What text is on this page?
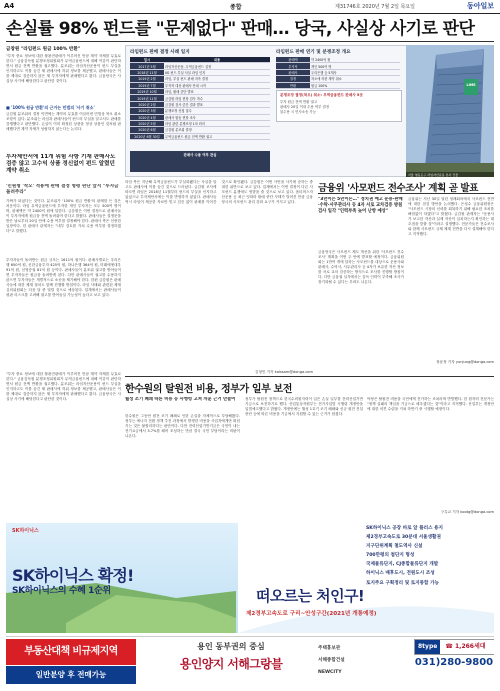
A4	종합	제31746호 2020년 7월 2일 목요일	동아일보
손실률 98% 펀드를 "문제없다" 판매… 당국, 사실상 사기로 판단
금창원 "라임펀드 원금 100% 반환"
"투자 중요 정보에 대한 불완전판매가 이루어진 만큼 계약 자체를 무효로 한다." 금융감독원 분쟁조정위원회가 무역금융펀드에 대해 이같이 판단하면서 원금 전액 반환을 권고했다. 분조위는 라임자산운용이 펀드 부실을 인지하고도 이를 숨긴 채 판매사에 허위 정보를 제공했고, 판매사들은 이를 제대로 검증하지 않은 채 투자자에게 판매했다고 봤다. 금융당국은 사실상 사기에 해당한다고 판단한 것이다.
■ '100% 원금 반환'의 근거는 민법의 '사기 취소'
금감원 분조위의 결정 이면에는 계약의 무효를 이끌어낸 민법상 착오 취소 조항이 있다. 분조위는 라임과 판매사들이 펀드의 부실을 알고서도 판매를 강행했다고 판단했다. 손실이 이미 확정된 상품을 정상 상품인 것처럼 판매했다면 계약 자체가 성립하지 않는다는 논리다.
투자제안서에 11개 위험 사항 기재 판매사도 검증 않고 고수익 상품 정신없이 펀드 알렸던 계약 취소
'민원형 '착오' 적용에 판매 결정 형평 판단 앞서 "투자금 돌려주라"
가짜가 되었다는 것이다. 분조위가 '100% 원금 반환'의 판례를 든 것은 처음이다. 라임 무역금융펀드에 투자한 개인 투자자는 모두 500여 명이며, 판매액은 약 2400억 원에 달한다. 금감원은 이번 결정으로 판매사들이 투자자에게 원금을 전액 돌려줘야 한다고 밝혔다. 판매사들은 결정문을 받은 날로부터 20일 안에 수용 여부를 결정해야 한다. 판매사 측은 신중한 입장이다. 한 판매사 관계자는 "내부 검토를 거쳐 수용 여부를 결정하겠다"고 말했다.
라임펀드 판매 결정 사례 일지
일시	내용
2017년 5월	라임자산운용, 무역금융펀드 설정
2018년 11월	IIG 펀드 부실 사실 라임 인지
2019년 2월	라임, 부실 펀드 판매 지속 결정
2019년 7월	투자자 대상 판매사 안내 시작
2019년 10월	라임, 환매 중단 발표
2019년 11월	금감원 라임 현장 검사 착수
2020년 2월	금감원 검사 중간 결과 발표
2020년 3월	분쟁조정 신청 접수
2020년 4월	판매사 합동 현장 조사
2020년 5월	라임 관련 분쟁조정 1차 회의
2020년 6월	금감원 분조위 결정
2020년 6월 30일	무역금융펀드 원금 전액 반환 권고
판매사 수용 여부 관심
라임펀드 판매 연기 및 분쟁조정 개요
판매액	약 2400억 원
투자자	개인 500여 명
판매사	우리은행 등 5개사
결정	착오에 의한 계약 취소
반환	원금 100%
분쟁조정 결정(착오) 취소: 무역금융펀드 판매사 5곳
투자 원금 전액 반환 권고
판매사 20일 이내 수용 여부 결정
불수용 시 민사소송 가능
LIME
서울 영등포구 라임자산운용 본사 건물
라임 측은 지난해 무역금융펀드가 부실화됐다는 사실을 알고도 판매사에 이를 숨긴 것으로 드러났다. 금감원 조사에 따르면 라임은 2018년 11월부터 펀드의 부실을 인지하고 있었으나 투자제안서에는 이를 반영하지 않았다. 판매사들 역시 라임이 제공한 자료만 믿고 검증 없이 판매를 이어간 것으로 확인됐다. 금감원은 이번 사안을 사기에 준하는 중대한 위반으로 보고 있다. 업계에서는 이번 결정이 다른 사모펀드 분쟁에도 영향을 줄 것으로 보고 있다. 옵티머스자산운용 등 최근 잇따라 환매 중단 사태가 벌어진 만큼 금융당국의 사모펀드 관리 강화 요구가 커지고 있다.
김형민 기자 kalssam@donga.com
금융위 '사모펀드 전수조사' 계획 곧 발표
"3년이는 5년이든…" 정치권 예고 운용·판매·수탁·사무관리사 등 4자 서로 교차검증 방침 검사 일각 "인력부족 늦어 난항 예상"
금융당국은 사모펀드 제도 개선을 위한 '사모펀드 전수조사' 계획을 이번 주 안에 발표할 예정이다. 금융위원회는 1만여 개에 달하는 사모펀드를 대상으로 운용사와 판매사, 수탁사, 사무관리사 등 4자가 보유한 자산 정보를 서로 교차 검증하는 방식으로 조사를 진행할 방침이다. 다만 금융권 일각에서는 감독 인력이 부족해 조사가 장기화될 수 있다는 우려도 나온다.
금융위는 지난 30일 열린 정례회의에서 사모펀드 전반에 대한 점검 방안을 논의했다. 은성수 금융위원장은 "사모펀드 시장의 신뢰를 회복하기 위해 필요한 조치를 빠짐없이 하겠다"고 밝혔다. 금감원 관계자는 "운용사가 보고한 자산과 실제 자산이 일치하는지 확인하는 데 초점을 맞출 것"이라고 설명했다. 전문가들은 전수조사와 함께 사모펀드 규제 체계 전반을 다시 설계해야 한다고 지적했다.
장윤정 기자 yunjung@donga.com
투자자들이 돌려받는 원금 규모는 1611억 원이다. 판매사별로는 우리은행 650억 원, 신한금융투자 425억 원, 하나은행 364억 원, 미래에셋대우 91억 원, 신영증권 81억 원 등이다. 판매사들이 분조위 권고를 받아들이면 투자자들은 원금을 돌려받게 된다. 다만 판매사들이 권고를 수용하지 않으면 투자자들은 개별적으로 소송을 제기해야 한다. 한편 금감원은 판매사들에 대한 제재 절차도 함께 진행할 방침이다. 라임 사태와 관련된 제재심의위원회는 다음 달 중 열릴 것으로 예상된다. 업계에서는 판매사들이 평판 리스크를 고려해 권고를 받아들일 가능성이 높다고 보고 있다.
한수원의 탈원전 비용, 정부가 일부 보전
월성 조기 폐쇄 따른 비용 등 사행령 고쳐 차훈 근거 만들어
"투자 중요 정보에 대한 불완전판매가 이루어진 만큼 계약 자체를 무효로 한다." 금융감독원 분쟁조정위원회가 무역금융펀드에 대해 이같이 판단하면서 원금 전액 반환을 권고했다. 분조위는 라임자산운용이 펀드 부실을 인지하고도 이를 숨긴 채 판매사에 허위 정보를 제공했고, 판매사들은 이를 제대로 검증하지 않은 채 투자자에게 판매했다고 봤다. 금융당국은 사실상 사기에 해당한다고 판단한 것이다.	정부가 탈원전 정책으로 한국수력원자력이 입은 손실 일부를 전력산업기반기금으로 보전하기로 했다. 산업통상자원부는 전기사업법 시행령 개정안을 입법예고했다고 밝혔다. 개정안에는 월성 1호기 조기 폐쇄와 신규 원전 건설 중단 등에 따른 비용을 기금에서 지원할 수 있는 근거가 담겼다.
한수원은 그동안 원전 조기 폐쇄로 인한 손실을 자체적으로 부담해왔다. 정부는 에너지 전환 정책 추진 과정에서 발생한 비용을 사업자에게만 떠넘기는 것은 불합리하다는 판단이다. 다만 전력산업기반기금은 국민이 내는 전기요금에서 3.7%를 떼어 조성하는 만큼 결국 국민 부담이라는 비판이 나온다.
야당은 탈원전 비용을 국민에게 전가하는 조치라며 반발했다. 한 원자력 전문가는 "정책 실패의 책임을 기금으로 메우겠다는 것"이라고 지적했다. 산업부는 개정안에 대한 의견 수렴을 거쳐 하반기 중 시행할 예정이다.
구특교 기자 kootg@donga.com
SK하이닉스
SK하이닉스 확정!
SK하이닉스의 수혜 1순위
SK하이닉스 공장 바로 앞 플러스 용지
제2경부고속도로 30분대 서울생활권
지구단위계획 철도역사 신설
700만평의 첨단지 형성
국제물류단지, CJ종합물류단지 개발
하이닉스 배후도시, 전원도시 조성
토지주요 구획정리 및 토지통합 가능
떠오르는 처인구!
제2경부고속도로 구리~안성구간(2021년 개통예정)
부동산대책 비규제지역
일반분양 후 전매가능
용인 동부권의 중심
용인양지 서해그랑블
주택홍보관
서해종합건설
NEWCITY
8type ☎ 1,266세대
031)280-9800
